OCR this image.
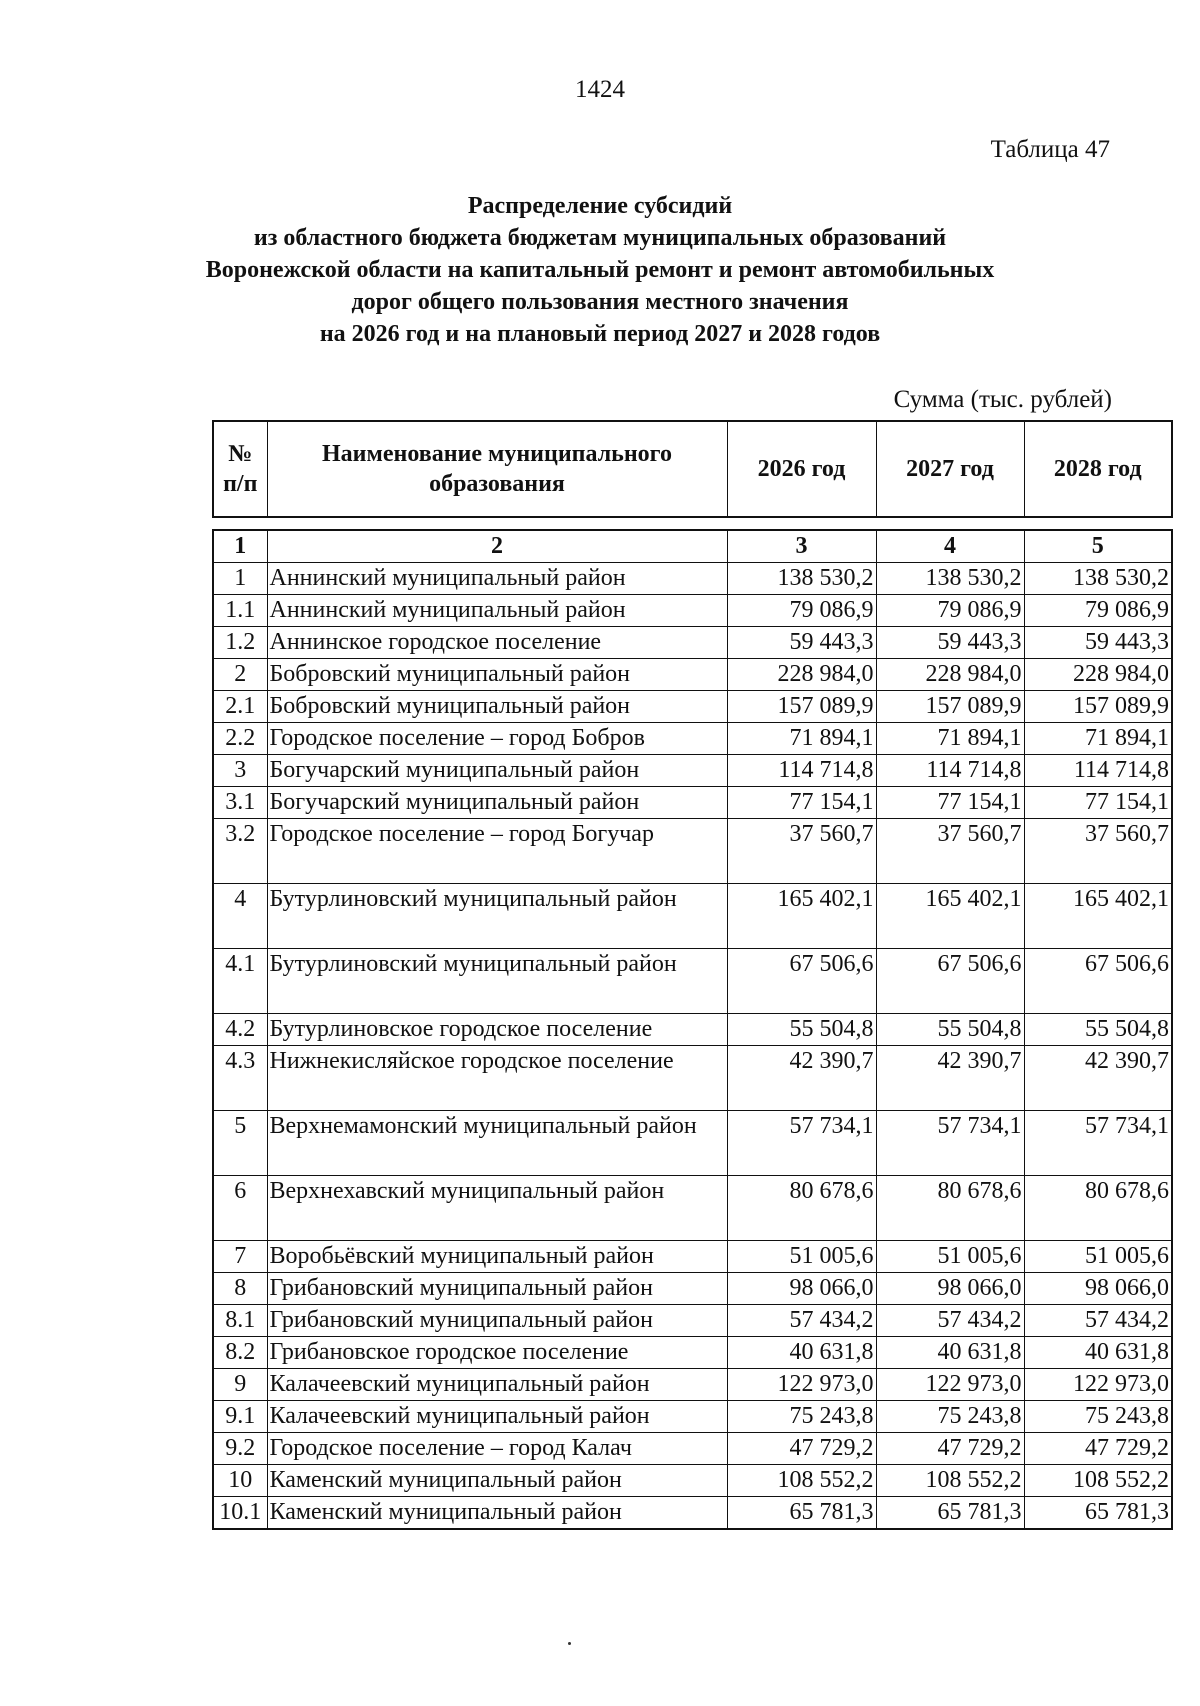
1424
Таблица 47
Распределение субсидий
из областного бюджета бюджетам муниципальных образований
Воронежской области на капитальный ремонт и ремонт автомобильных
дорог общего пользования местного значения
на 2026 год и на плановый период 2027 и 2028 годов
Сумма (тыс. рублей)
№ п/п	Наименование муниципального образования	2026 год	2027 год	2028 год
1	2	3	4	5
1	Аннинский муниципальный район	138 530,2	138 530,2	138 530,2
1.1	Аннинский муниципальный район	79 086,9	79 086,9	79 086,9
1.2	Аннинское городское поселение	59 443,3	59 443,3	59 443,3
2	Бобровский муниципальный район	228 984,0	228 984,0	228 984,0
2.1	Бобровский муниципальный район	157 089,9	157 089,9	157 089,9
2.2	Городское поселение – город Бобров	71 894,1	71 894,1	71 894,1
3	Богучарский муниципальный район	114 714,8	114 714,8	114 714,8
3.1	Богучарский муниципальный район	77 154,1	77 154,1	77 154,1
3.2	Городское поселение – город Богучар	37 560,7	37 560,7	37 560,7
4	Бутурлиновский муниципальный район	165 402,1	165 402,1	165 402,1
4.1	Бутурлиновский муниципальный район	67 506,6	67 506,6	67 506,6
4.2	Бутурлиновское городское поселение	55 504,8	55 504,8	55 504,8
4.3	Нижнекисляйское городское поселение	42 390,7	42 390,7	42 390,7
5	Верхнемамонский муниципальный район	57 734,1	57 734,1	57 734,1
6	Верхнехавский муниципальный район	80 678,6	80 678,6	80 678,6
7	Воробьёвский муниципальный район	51 005,6	51 005,6	51 005,6
8	Грибановский муниципальный район	98 066,0	98 066,0	98 066,0
8.1	Грибановский муниципальный район	57 434,2	57 434,2	57 434,2
8.2	Грибановское городское поселение	40 631,8	40 631,8	40 631,8
9	Калачеевский муниципальный район	122 973,0	122 973,0	122 973,0
9.1	Калачеевский муниципальный район	75 243,8	75 243,8	75 243,8
9.2	Городское поселение – город Калач	47 729,2	47 729,2	47 729,2
10	Каменский муниципальный район	108 552,2	108 552,2	108 552,2
10.1	Каменский муниципальный район	65 781,3	65 781,3	65 781,3
